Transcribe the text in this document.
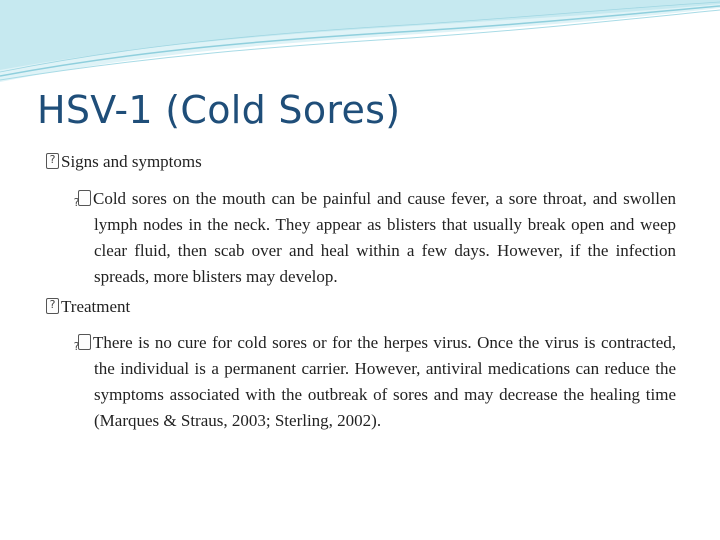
HSV-1 (Cold Sores)
?Signs and symptoms
?Cold sores on the mouth can be painful and cause fever, a sore throat, and swollen lymph nodes in the neck. They appear as blisters that usually break open and weep clear fluid, then scab over and heal within a few days. However, if the infection spreads, more blisters may develop.
?Treatment
?There is no cure for cold sores or for the herpes virus. Once the virus is contracted, the individual is a permanent carrier. However, antiviral medications can reduce the symptoms associated with the outbreak of sores and may decrease the healing time (Marques & Straus, 2003; Sterling, 2002).
